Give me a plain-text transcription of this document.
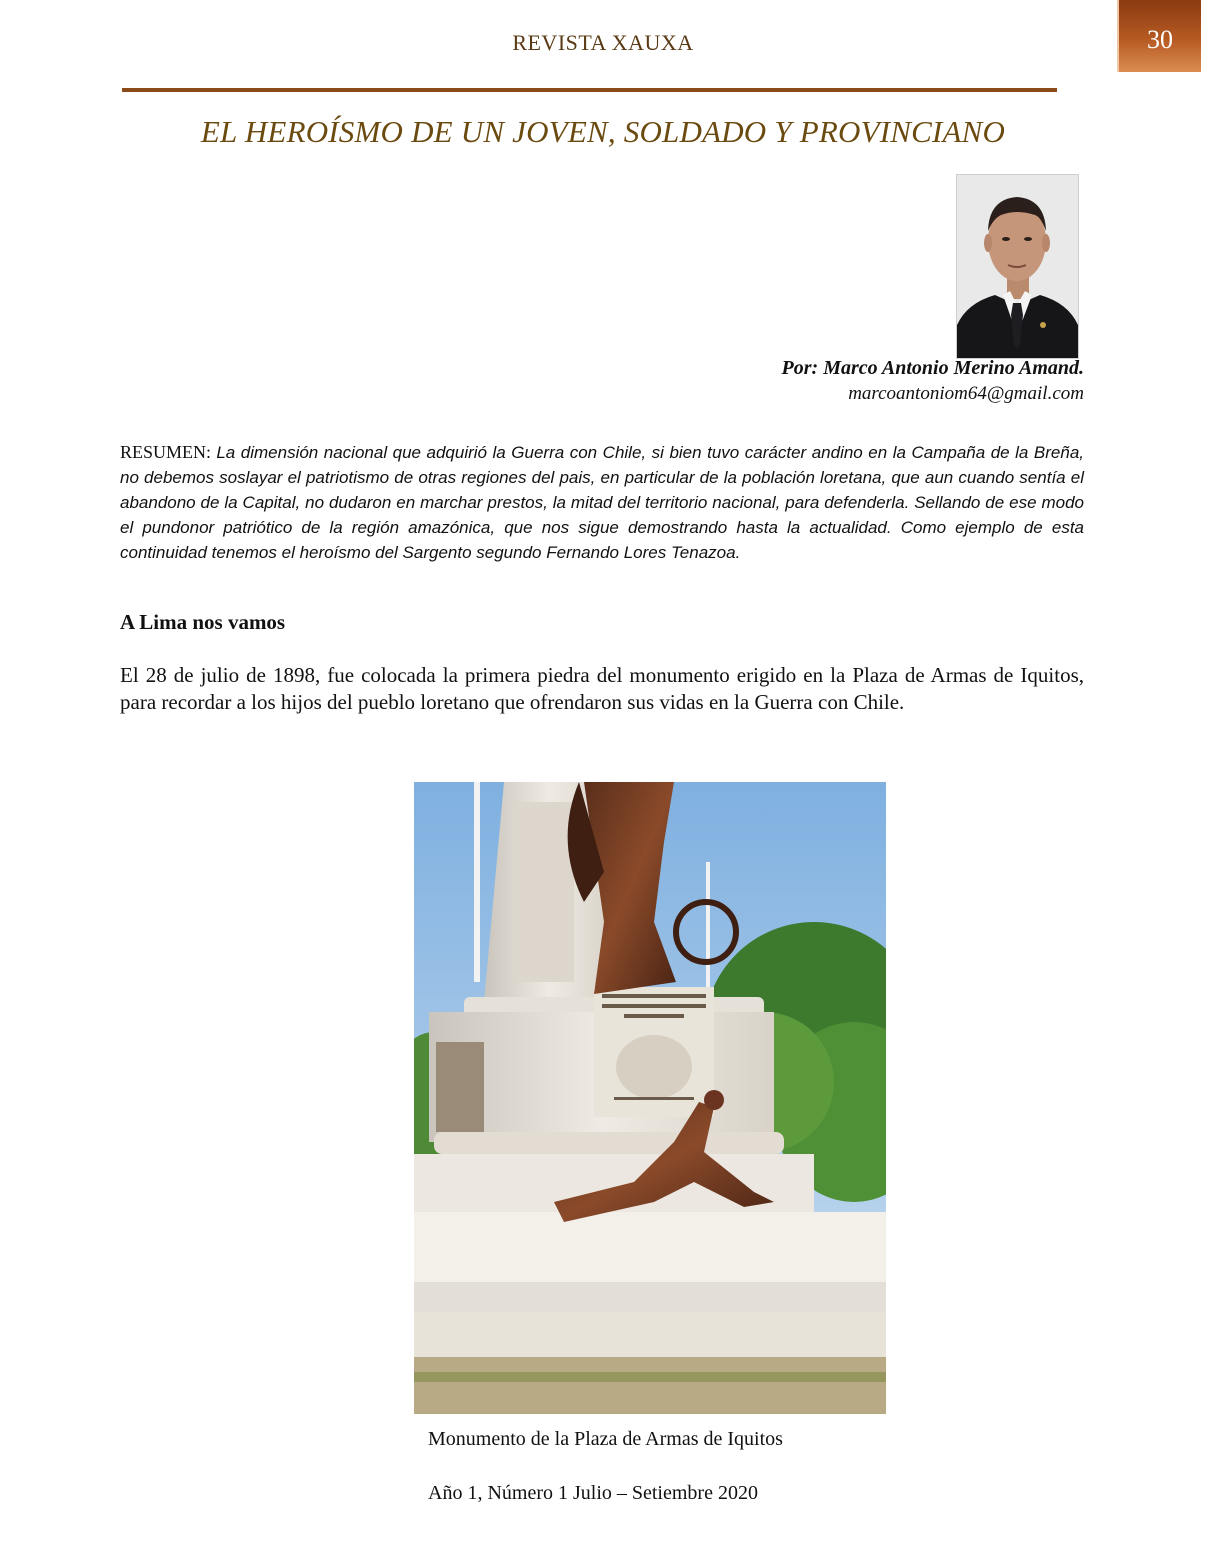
REVISTA XAUXA	30
EL HEROÍSMO DE UN JOVEN, SOLDADO Y PROVINCIANO
Por: Marco Antonio Merino Amand.
marcoantoniom64@gmail.com

RESUMEN: La dimensión nacional que adquirió la Guerra con Chile, si bien tuvo carácter andino en la Campaña de la Breña, no debemos soslayar el patriotismo de otras regiones del pais, en particular de la población loretana, que aun cuando sentía el abandono de la Capital, no dudaron en marchar prestos, la mitad del territorio nacional, para defenderla. Sellando de ese modo el pundonor patriótico de la región amazónica, que nos sigue demostrando hasta la actualidad. Como ejemplo de esta continuidad tenemos el heroísmo del Sargento segundo Fernando Lores Tenazoa.

A Lima nos vamos

El 28 de julio de 1898, fue colocada la primera piedra del monumento erigido en la Plaza de Armas de Iquitos, para recordar a los hijos del pueblo loretano que ofrendaron sus vidas en la Guerra con Chile.

Monumento de la Plaza de Armas de Iquitos

Año 1, Número 1 Julio – Setiembre 2020
